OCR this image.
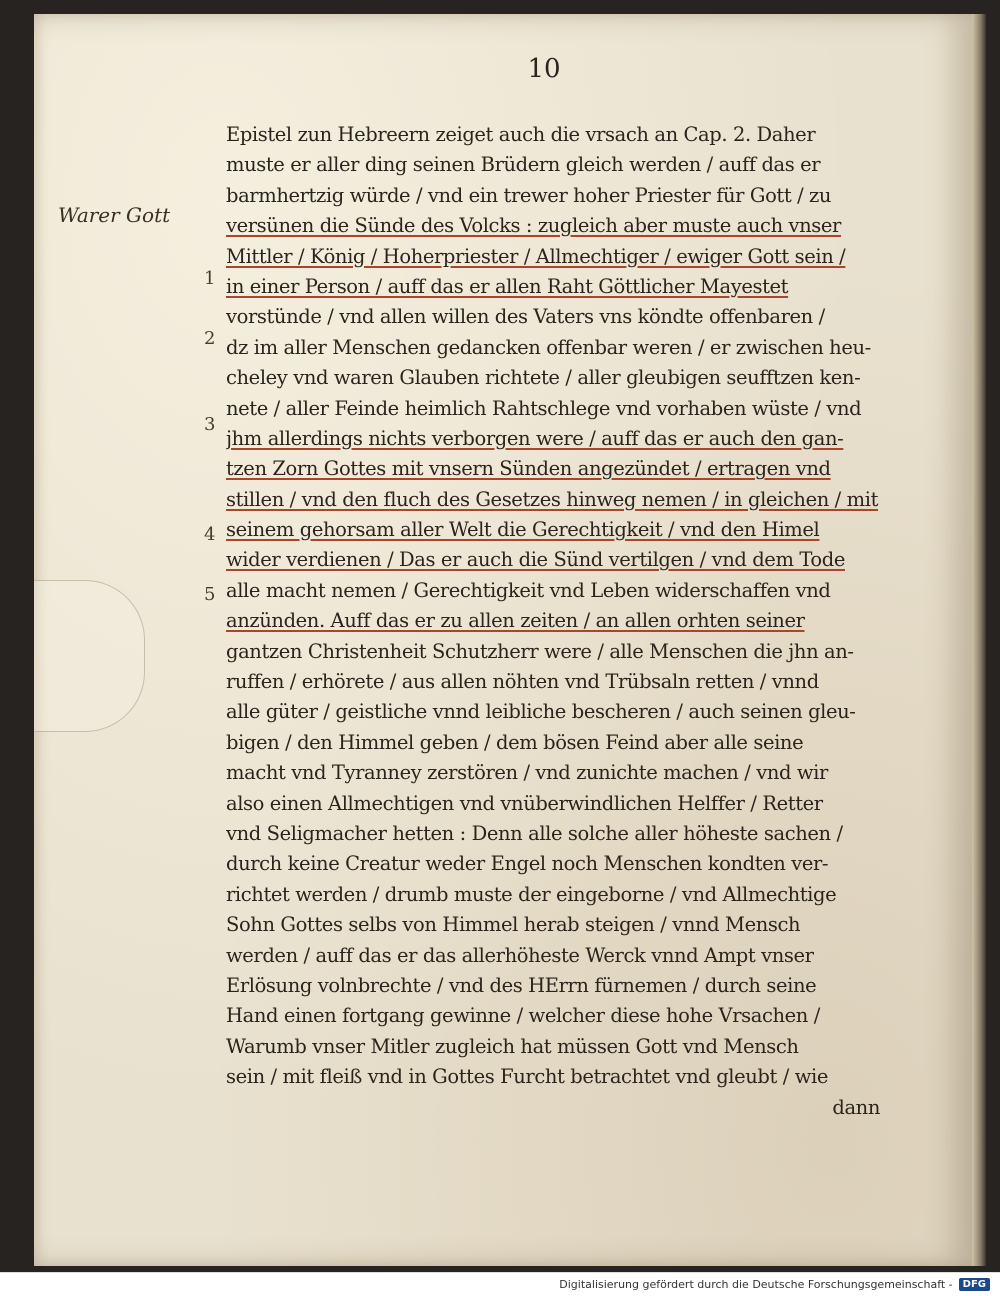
10
Warer Gott
1
2
3
4
5
Epistel zun Hebreern zeiget auch die vrsach an Cap. 2. Daher
muste er aller ding seinen Brüdern gleich werden / auff das er
barmhertzig würde / vnd ein trewer hoher Priester für Gott / zu
versünen die Sünde des Volcks : zugleich aber muste auch vnser
Mittler / König / Hoherpriester / Allmechtiger / ewiger Gott sein /
in einer Person / auff das er allen Raht Göttlicher Mayestet
vorstünde / vnd allen willen des Vaters vns köndte offenbaren /
dz im aller Menschen gedancken offenbar weren / er zwischen heu-
cheley vnd waren Glauben richtete / aller gleubigen seufftzen ken-
nete / aller Feinde heimlich Rahtschlege vnd vorhaben wüste / vnd
jhm allerdings nichts verborgen were / auff das er auch den gan-
tzen Zorn Gottes mit vnsern Sünden angezündet / ertragen vnd
stillen / vnd den fluch des Gesetzes hinweg nemen / in gleichen / mit
seinem gehorsam aller Welt die Gerechtigkeit / vnd den Himel
wider verdienen / Das er auch die Sünd vertilgen / vnd dem Tode
alle macht nemen / Gerechtigkeit vnd Leben widerschaffen vnd
anzünden. Auff das er zu allen zeiten / an allen orhten seiner
gantzen Christenheit Schutzherr were / alle Menschen die jhn an-
ruffen / erhörete / aus allen nöhten vnd Trübsaln retten / vnnd
alle güter / geistliche vnnd leibliche bescheren / auch seinen gleu-
bigen / den Himmel geben / dem bösen Feind aber alle seine
macht vnd Tyranney zerstören / vnd zunichte machen / vnd wir
also einen Allmechtigen vnd vnüberwindlichen Helffer / Retter
vnd Seligmacher hetten : Denn alle solche aller höheste sachen /
durch keine Creatur weder Engel noch Menschen kondten ver-
richtet werden / drumb muste der eingeborne / vnd Allmechtige
Sohn Gottes selbs von Himmel herab steigen / vnnd Mensch
werden / auff das er das allerhöheste Werck vnnd Ampt vnser
Erlösung volnbrechte / vnd des HErrn fürnemen / durch seine
Hand einen fortgang gewinne / welcher diese hohe Vrsachen /
Warumb vnser Mitler zugleich hat müssen Gott vnd Mensch
sein / mit fleiß vnd in Gottes Furcht betrachtet vnd gleubt / wie
dann
Digitalisierung gefördert durch die Deutsche Forschungsgemeinschaft -	DFG
